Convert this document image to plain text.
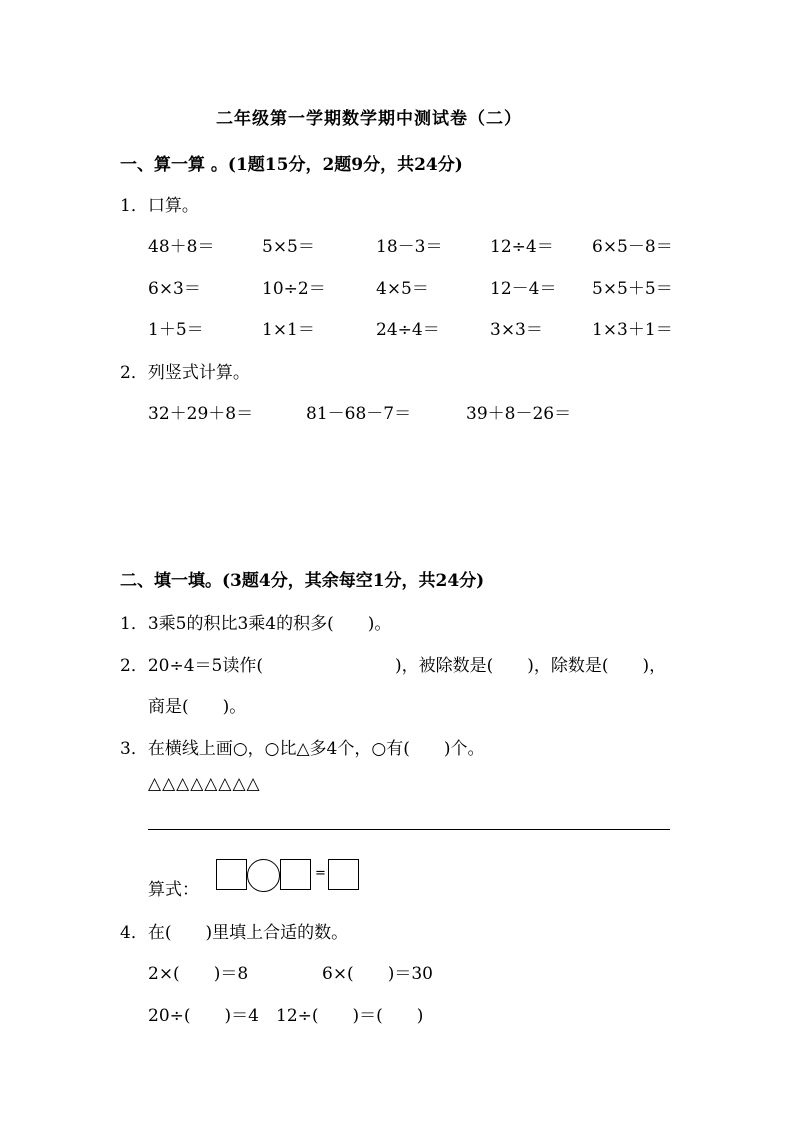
二年级第一学期数学期中测试卷（二）
一、算一算 。(1题15分，2题9分，共24分)
1．口算。
48＋8＝	5×5＝	18－3＝	12÷4＝ 6×5－8＝
6×3＝	10÷2＝	4×5＝	12－4＝ 5×5＋5＝
1＋5＝	1×1＝	24÷4＝	3×3＝	1×3＋1＝
2．列竖式计算。
32＋29＋8＝	81－68－7＝	39＋8－26＝
二、填一填。(3题4分，其余每空1分，共24分)
1．3乘5的积比3乘4的积多(　　)。
2．20÷4＝5读作(	)，被除数是(　　)，除数是(　　)，
商是(　　)。
3．在横线上画○，○比△多4个，○有(　　)个。
△△△△△△△△
算式：
=
4．在(　　)里填上合适的数。
2×(　　)＝8	6×(　　)＝30
20÷(　　)＝4 12÷(　　)＝(　　)
